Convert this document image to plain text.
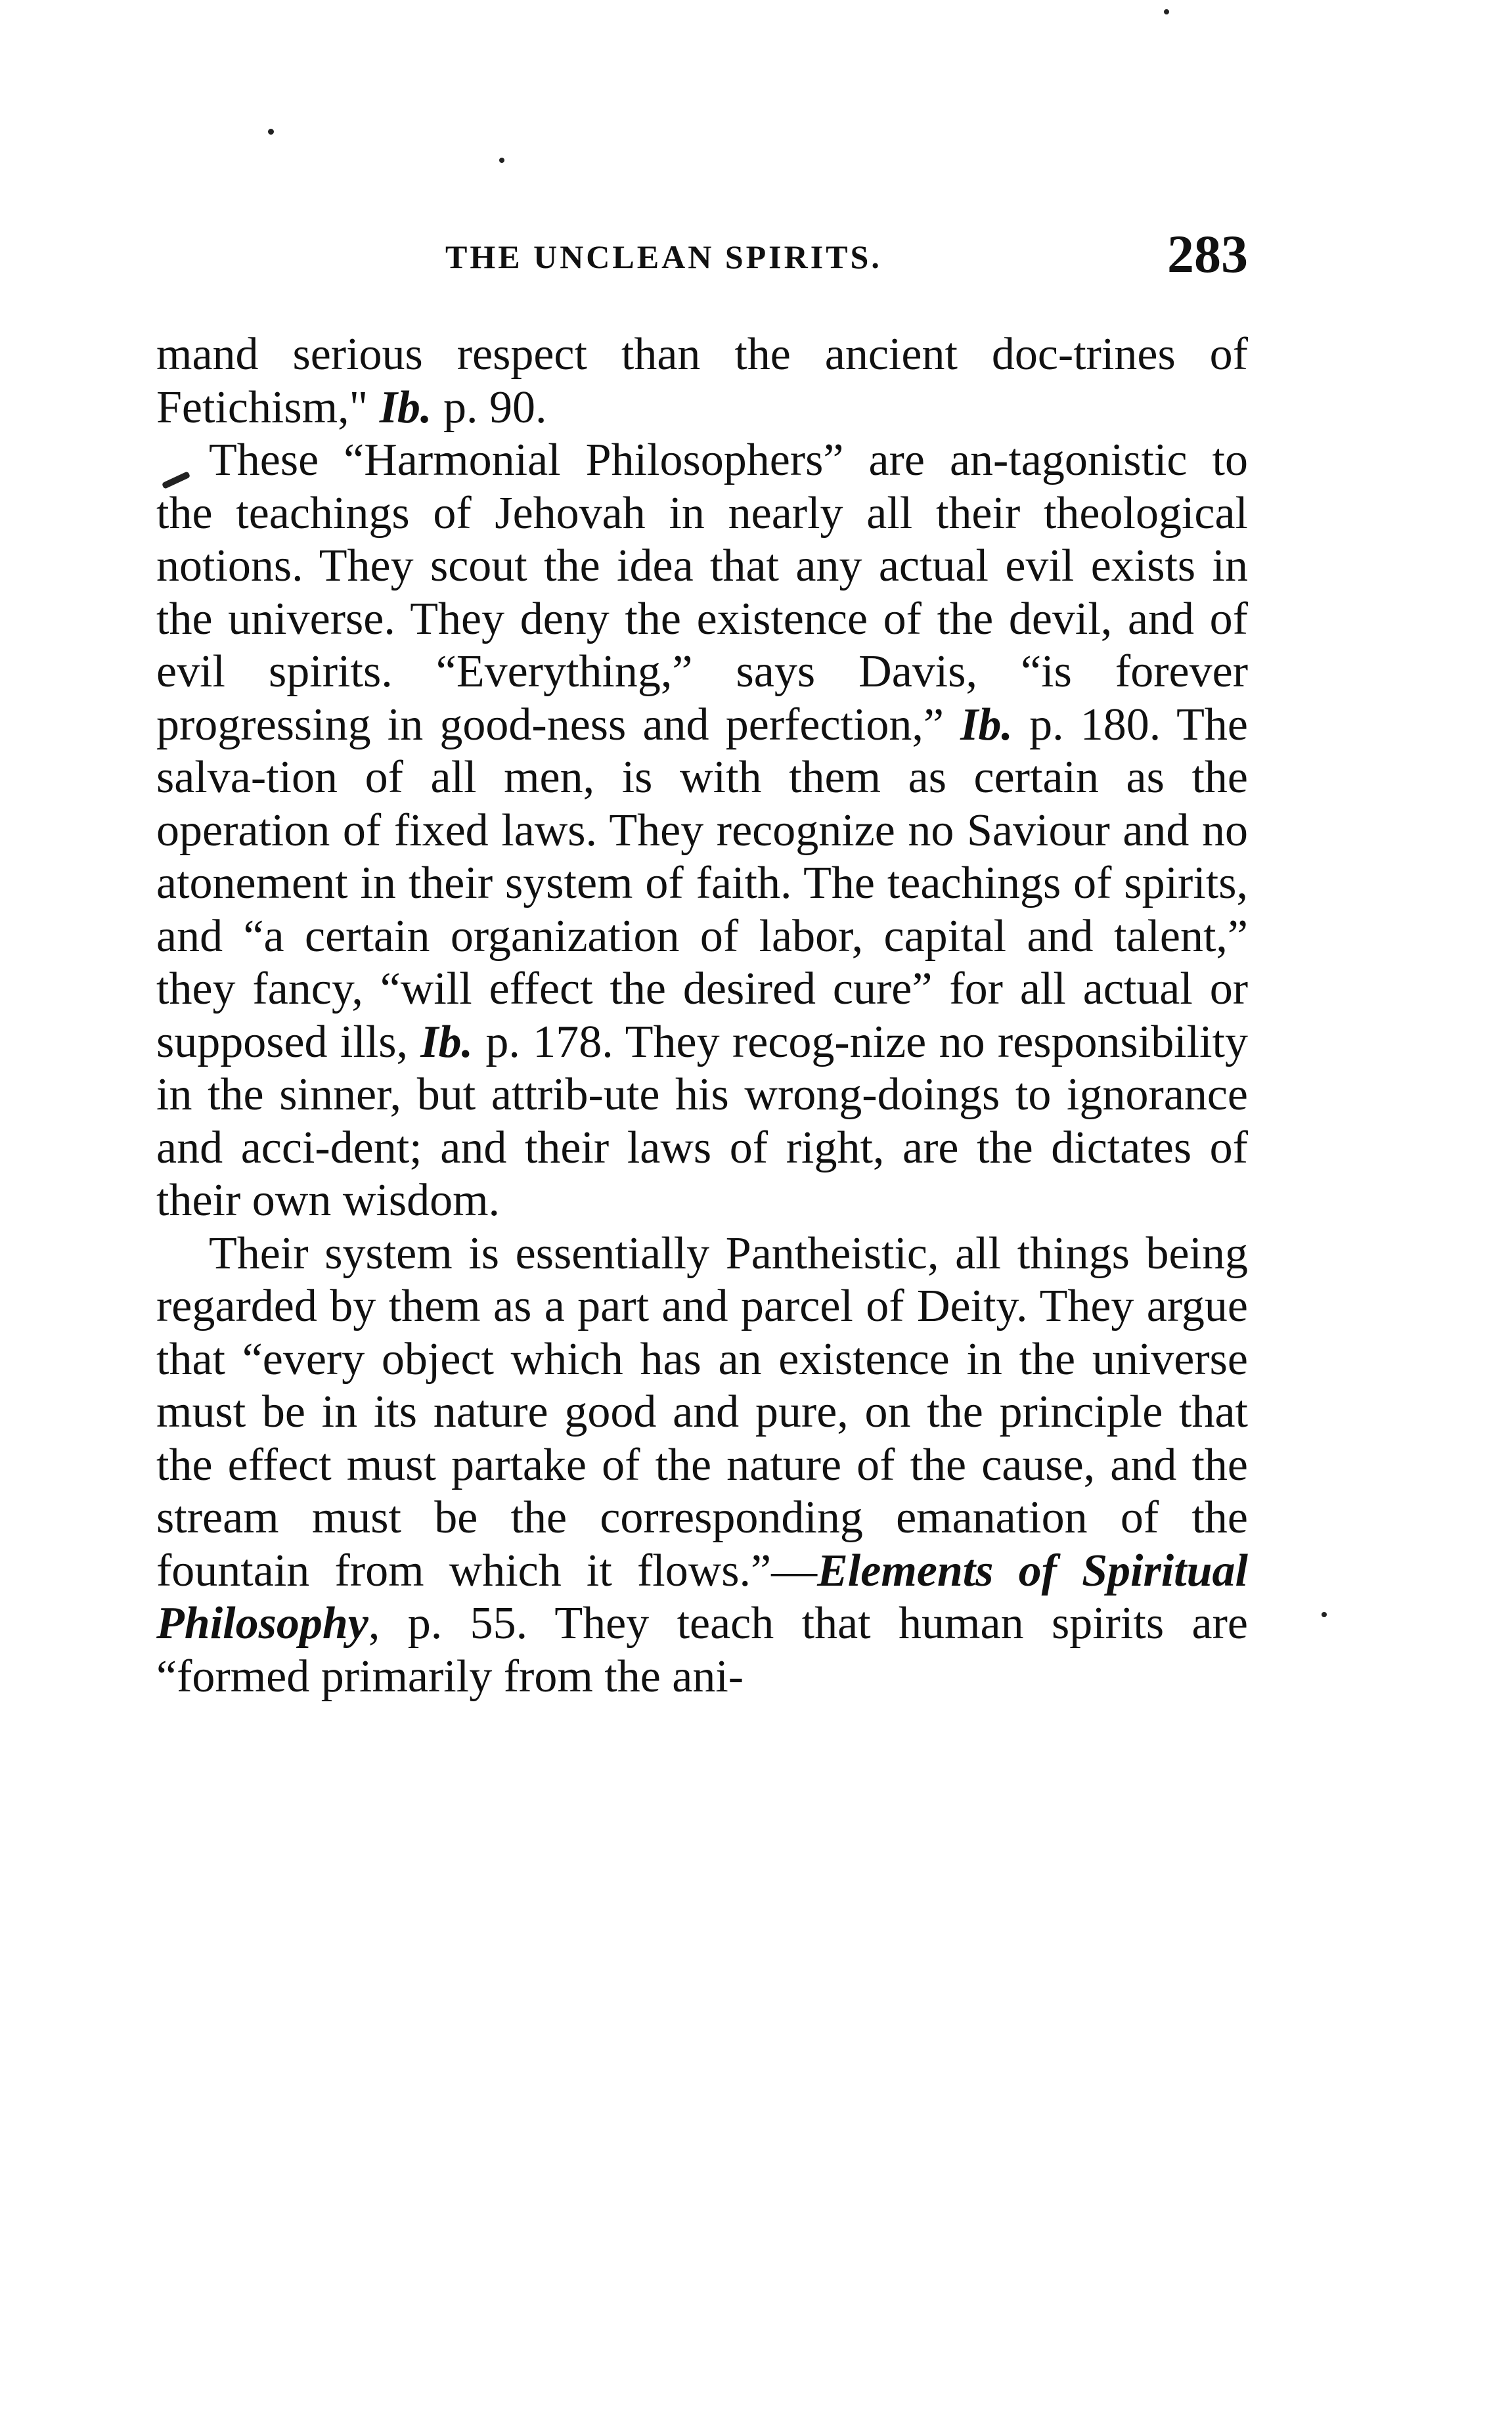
THE UNCLEAN SPIRITS.	283

mand serious respect than the ancient doc-trines of Fetichism," Ib. p. 90.

These “Harmonial Philosophers” are an-tagonistic to the teachings of Jehovah in nearly all their theological notions. They scout the idea that any actual evil exists in the universe. They deny the existence of the devil, and of evil spirits. “Everything,” says Davis, “is forever progressing in good-ness and perfection,” Ib. p. 180. The salva-tion of all men, is with them as certain as the operation of fixed laws. They recognize no Saviour and no atonement in their system of faith. The teachings of spirits, and “a certain organization of labor, capital and talent,” they fancy, “will effect the desired cure” for all actual or supposed ills, Ib. p. 178. They recog-nize no responsibility in the sinner, but attrib-ute his wrong-doings to ignorance and acci-dent; and their laws of right, are the dictates of their own wisdom.

Their system is essentially Pantheistic, all things being regarded by them as a part and parcel of Deity. They argue that “every object which has an existence in the universe must be in its nature good and pure, on the principle that the effect must partake of the nature of the cause, and the stream must be the corresponding emanation of the fountain from which it flows.”—Elements of Spiritual Philosophy, p. 55. They teach that human spirits are “formed primarily from the ani-
